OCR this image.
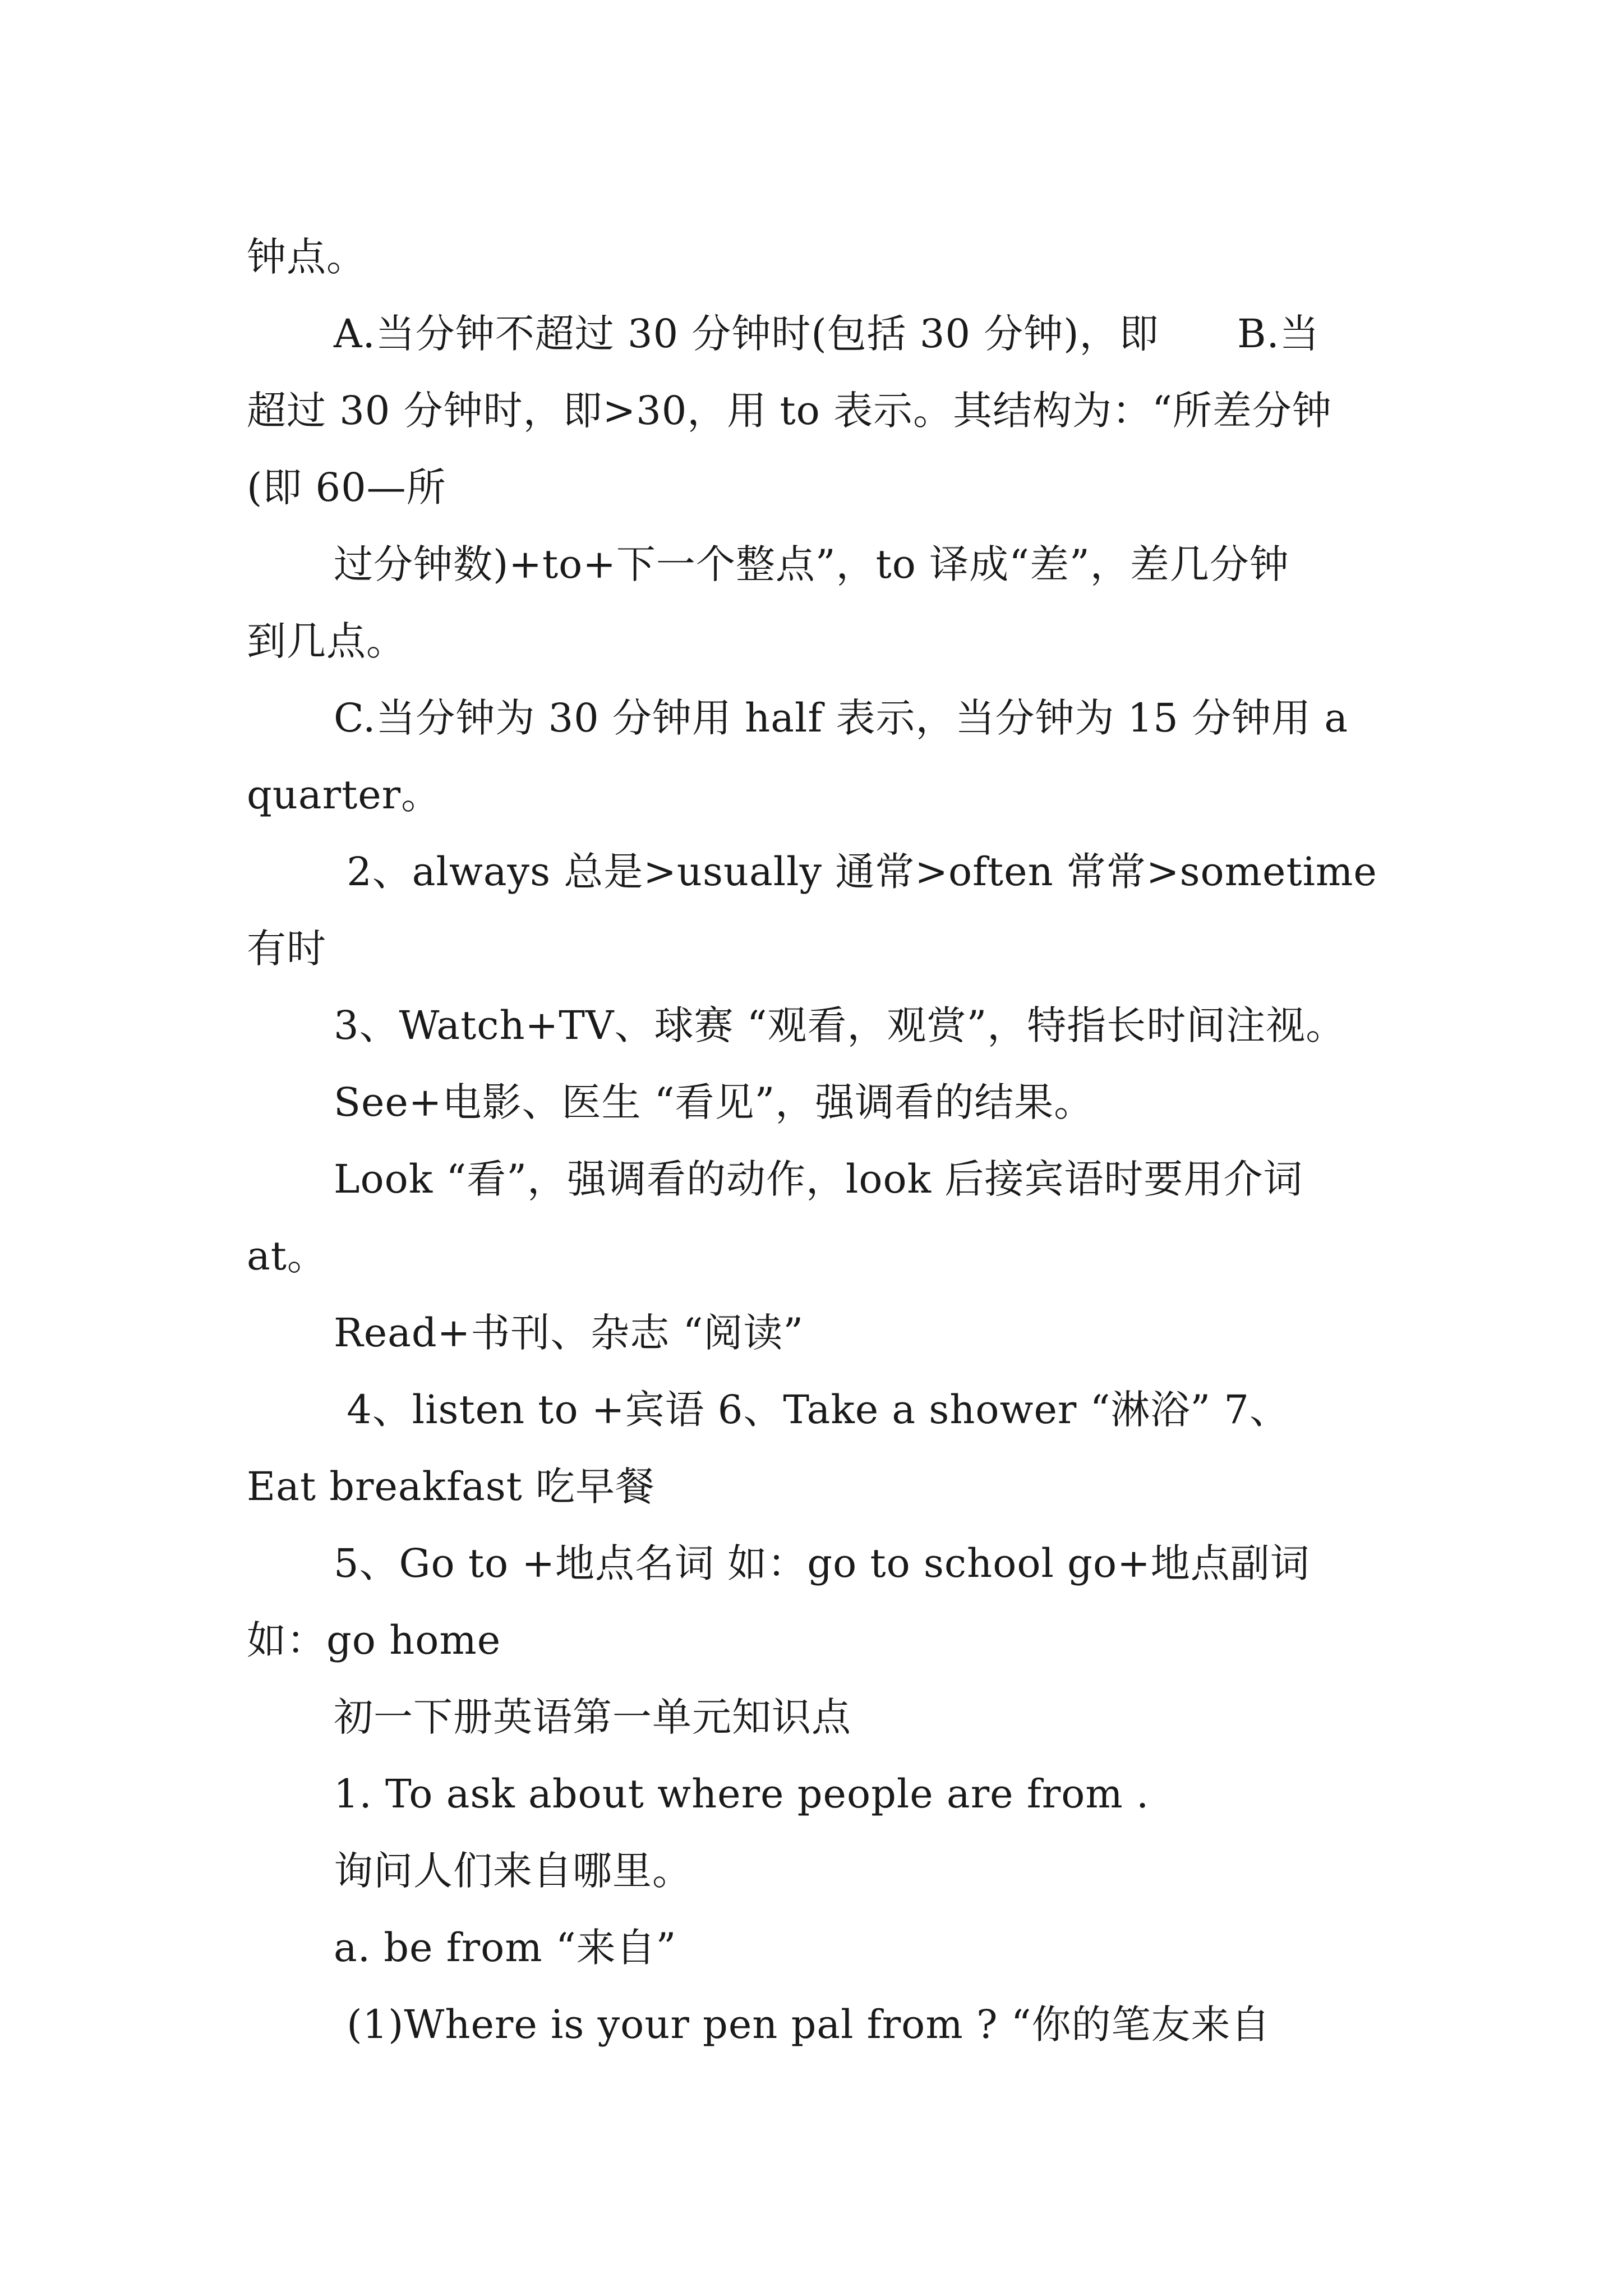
钟点。
A.当分钟不超过 30 分钟时(包括 30 分钟)，即      B.当
超过 30 分钟时，即>30，用 to 表示。其结构为：“所差分钟
(即 60—所
过分钟数)+to+下一个整点”，to 译成“差”，差几分钟
到几点。
C.当分钟为 30 分钟用 half 表示，当分钟为 15 分钟用 a
quarter。
2、always 总是>usually 通常>often 常常>sometime
有时
3、Watch+TV、球赛 “观看，观赏”，特指长时间注视。
See+电影、医生 “看见”，强调看的结果。
Look “看”，强调看的动作，look 后接宾语时要用介词
at。
Read+书刊、杂志 “阅读”
4、listen to +宾语 6、Take a shower “淋浴” 7、
Eat breakfast 吃早餐
5、Go to +地点名词 如：go to school go+地点副词
如：go home
初一下册英语第一单元知识点
1. To ask about where people are from .
询问人们来自哪里。
a. be from “来自”
(1)Where is your pen pal from ? “你的笔友来自
